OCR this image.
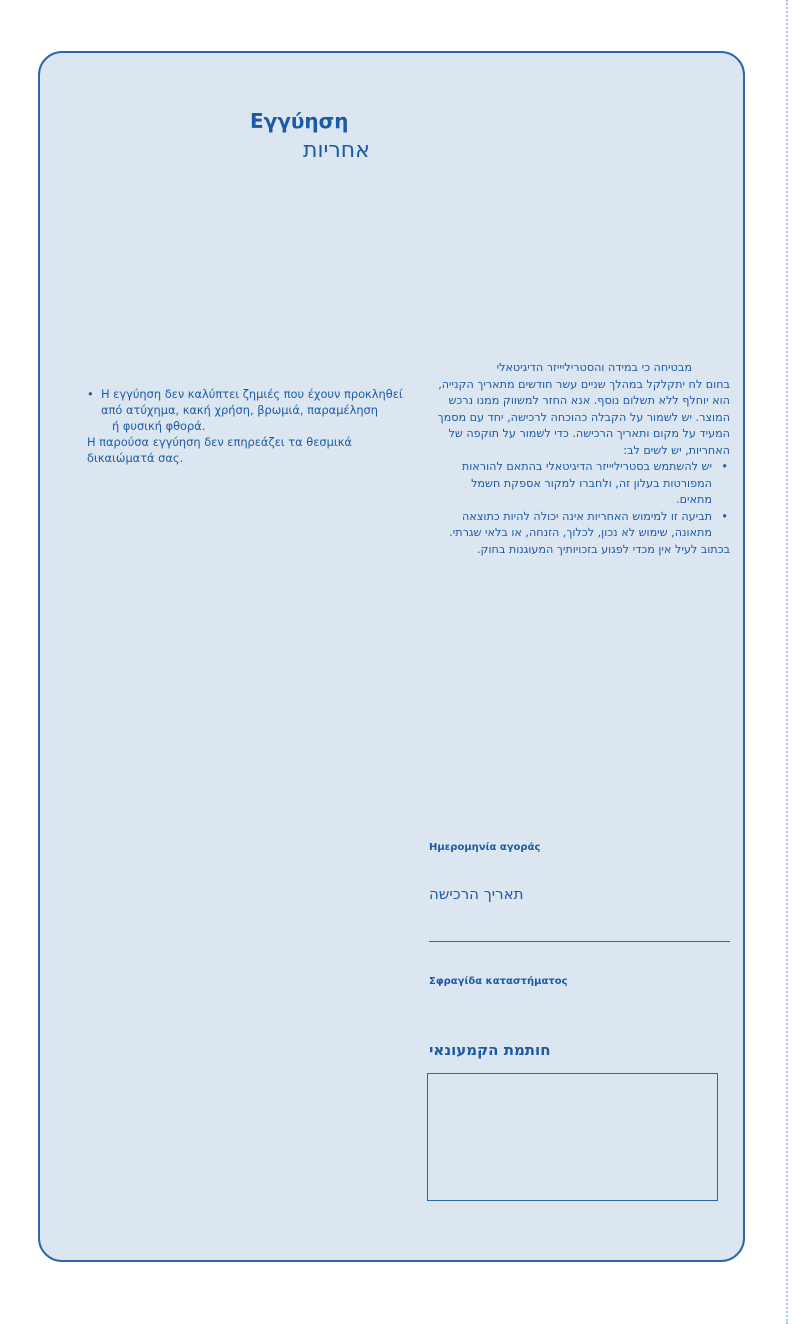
Εγγύηση
אחריות
• Η εγγύηση δεν καλύπτει ζημιές που έχουν προκληθεί
από ατύχημα, κακή χρήση, βρωμιά, παραμέληση
ή φυσική φθορά.
Η παρούσα εγγύηση δεν επηρεάζει τα θεσμικά
δικαιώματά σας.

מבטיחה כי במידה והסטריליייזר הדיגיטאלי
בחום לח יתקלקל במהלך שניים עשר חודשים מתאריך הקנייה,
הוא יוחלף ללא תשלום נוסף. אנא החזר למשווק ממנו נרכש
המוצר. יש לשמור על הקבלה כהוכחה לרכישה, יחד עם מסמך
המעיד על מקום ותאריך הרכישה. כדי לשמור על תוקפה של
האחריות, יש לשים לב:

• יש להשתמש בסטריליייזר הדיגיטאלי בהתאם להוראות
המפורטות בעלון זה, ולחברו למקור אספקת חשמל
מתאים.
• תביעה זו למימוש האחריות אינה יכולה להיות כתוצאה
מתאונה, שימוש לא נכון, לכלוך, הזנחה, או בלאי שגרתי.

בכתוב לעיל אין מכדי לפגוע בזכויותיך המעוגנות בחוק.

Ημερομηνία αγοράς
תאריך הרכישה
Σφραγίδα καταστήματος
חותמת הקמעונאי
